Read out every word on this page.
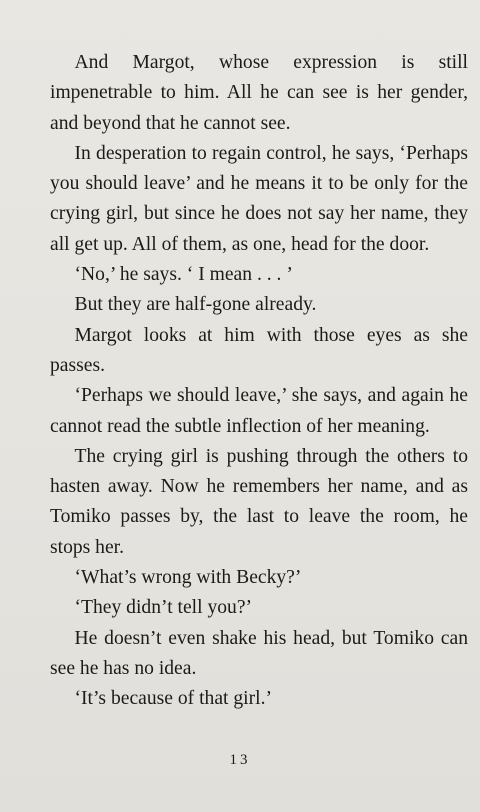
And Margot, whose expression is still impenetrable to him. All he can see is her gender, and beyond that he cannot see.

In desperation to regain control, he says, ‘Perhaps you should leave’ and he means it to be only for the crying girl, but since he does not say her name, they all get up. All of them, as one, head for the door.

‘No,’ he says. ‘ I mean . . . ’

But they are half-gone already.

Margot looks at him with those eyes as she passes.

‘Perhaps we should leave,’ she says, and again he cannot read the subtle inflection of her meaning.

The crying girl is pushing through the others to hasten away. Now he remembers her name, and as Tomiko passes by, the last to leave the room, he stops her.

‘What’s wrong with Becky?’

‘They didn’t tell you?’

He doesn’t even shake his head, but Tomiko can see he has no idea.

‘It’s because of that girl.’

13
